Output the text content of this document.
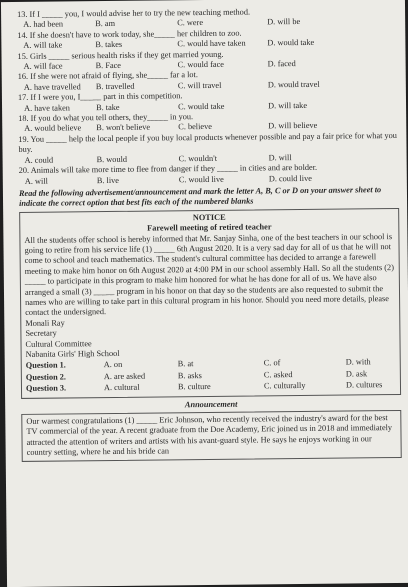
13. If I _____ you, I would advise her to try the new teaching method.

A. had been	B. am	C. were	D. will be

14. If she doesn't have to work today, she_____ her children to zoo.

A. will take	B. takes	C. would have taken	D. would take

15. Girls _____ serious health risks if they get married young.

A. will face	B. Face	C. would face	D. faced

16. If she were not afraid of flying, she_____ far a lot.

A. have travelled	B. travelled	C. will travel	D. would travel

17. If I were you, I_____ part in this competition.

A. have taken	B. take	C. would take	D. will take

18. If you do what you tell others, they_____ in you.

A. would believe	B. won't believe	C. believe	D. will believe

19. You _____ help the local people if you buy local products whenever possible and pay a fair price for what you buy.

A. could	B. would	C. wouldn't	D. will

20. Animals will take more time to flee from danger if they _____ in cities and are bolder.

A. will	B. live	C. would live	D. could live

Read the following advertisement/announcement and mark the letter A, B, C or D on your answer sheet to indicate the correct option that best fits each of the numbered blanks

NOTICE
Farewell meeting of retired teacher

All the students offer school is hereby informed that Mr. Sanjay Sinha, one of the best teachers in our school is going to retire from his service life (1) _____ 6th August 2020. It is a very sad day for all of us that he will not come to school and teach mathematics. The student's cultural committee has decided to arrange a farewell meeting to make him honor on 6th August 2020 at 4:00 PM in our school assembly Hall. So all the students (2) _____ to participate in this program to make him honored for what he has done for all of us. We have also arranged a small (3) _____ program in his honor on that day so the students are also requested to submit the names who are willing to take part in this cultural program in his honor. Should you need more details, please contact the undersigned.

Monali Ray
Secretary
Cultural Committee
Nabanita Girls' High School
Question 1.	A. on	B. at	C. of	D. with
Question 2.	A. are asked	B. asks	C. asked	D. ask
Question 3.	A. cultural	B. culture	C. culturally	D. cultures
Announcement

Our warmest congratulations (1) _____ Eric Johnson, who recently received the industry's award for the best TV commercial of the year. A recent graduate from the Doe Academy, Eric joined us in 2018 and immediately attracted the attention of writers and artists with his avant-guard style. He says he enjoys working in our country setting, where he and his bride can
